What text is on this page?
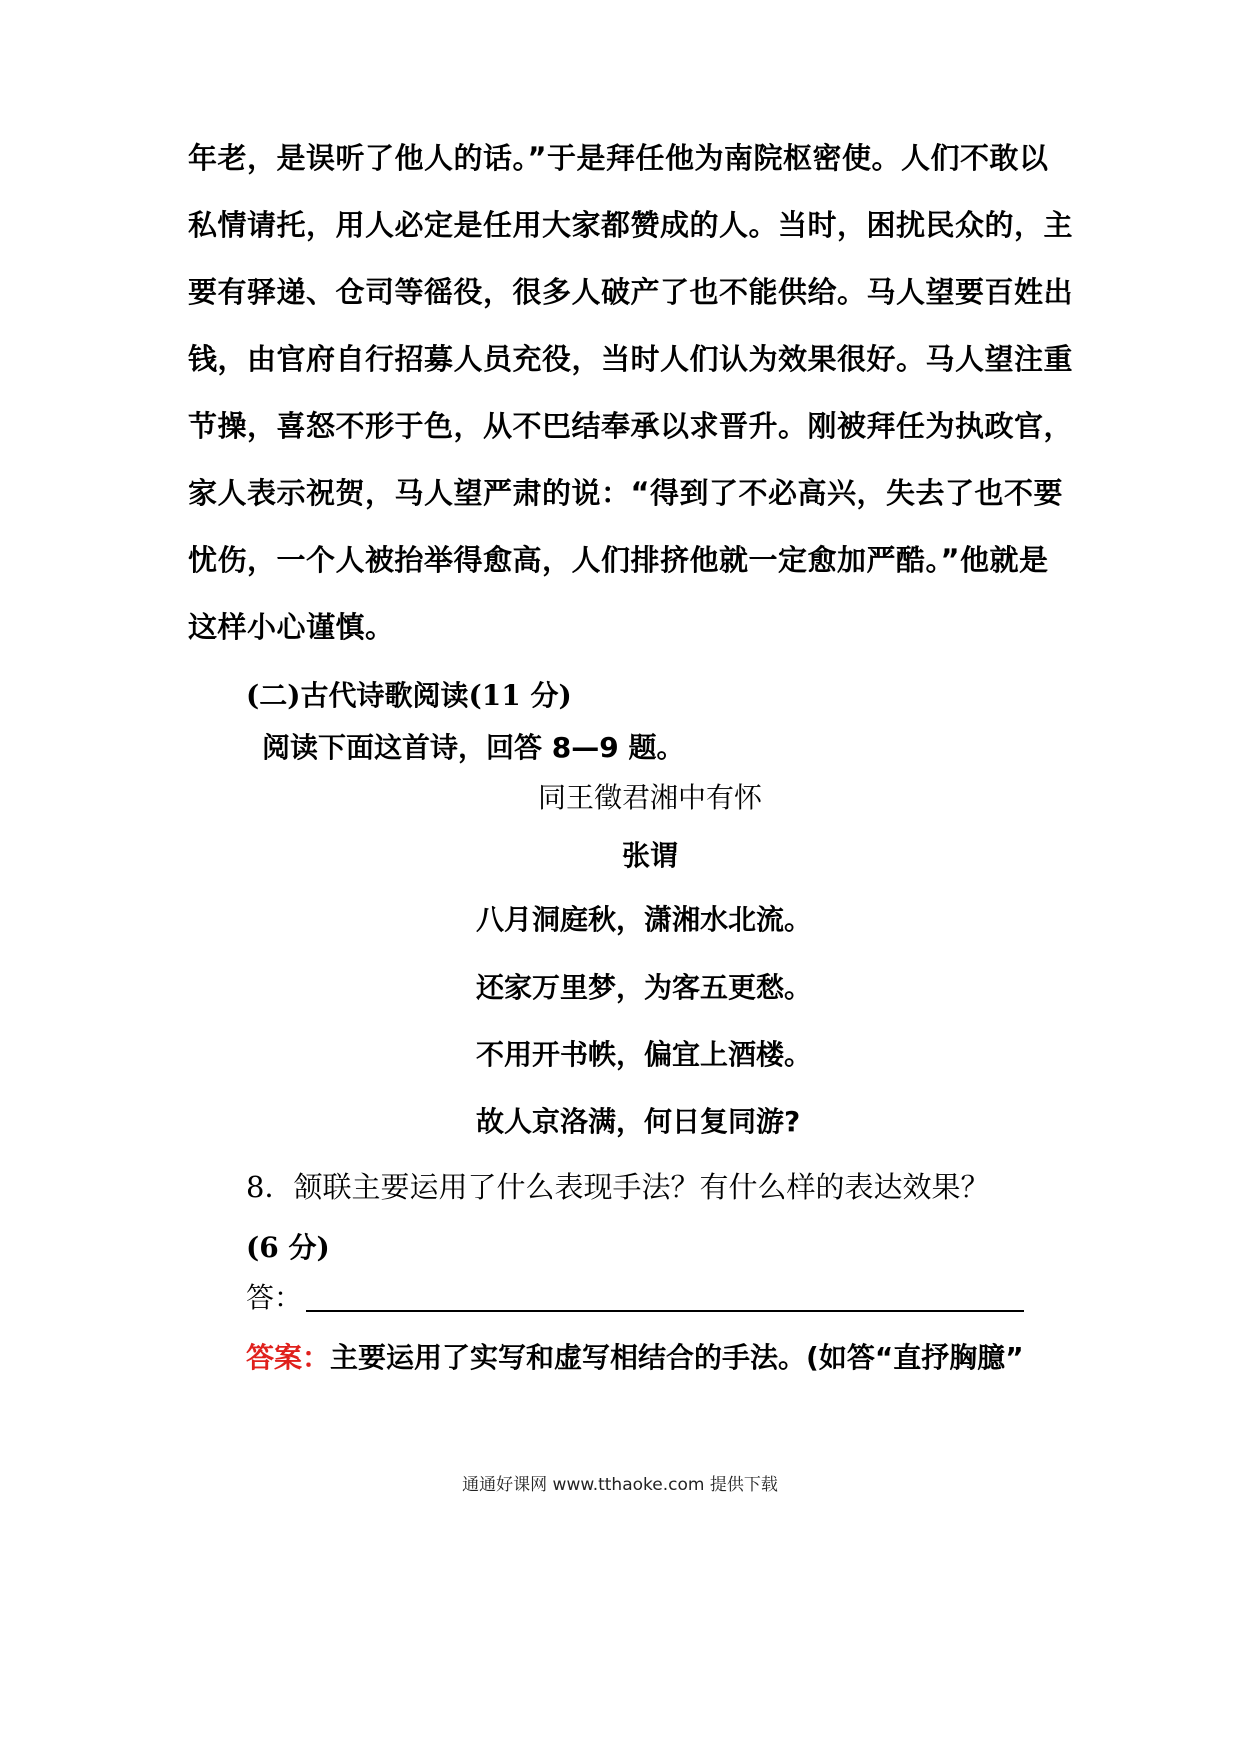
年老，是误听了他人的话。”于是拜任他为南院枢密使。人们不敢以
私情请托，用人必定是任用大家都赞成的人。当时，困扰民众的，主
要有驿递、仓司等徭役，很多人破产了也不能供给。马人望要百姓出
钱，由官府自行招募人员充役，当时人们认为效果很好。马人望注重
节操，喜怒不形于色，从不巴结奉承以求晋升。刚被拜任为执政官，
家人表示祝贺，马人望严肃的说：“得到了不必高兴，失去了也不要
忧伤，一个人被抬举得愈高，人们排挤他就一定愈加严酷。”他就是
这样小心谨慎。
(二)古代诗歌阅读(11 分)
阅读下面这首诗，回答 8—9 题。
同王徵君湘中有怀
张谓
八月洞庭秋，潇湘水北流。
还家万里梦，为客五更愁。
不用开书帙，偏宜上酒楼。
故人京洛满，何日复同游?
8．颔联主要运用了什么表现手法？有什么样的表达效果？
(6 分)
答：
答案：主要运用了实写和虚写相结合的手法。(如答“直抒胸臆”
通通好课网 www.tthaoke.com 提供下载
